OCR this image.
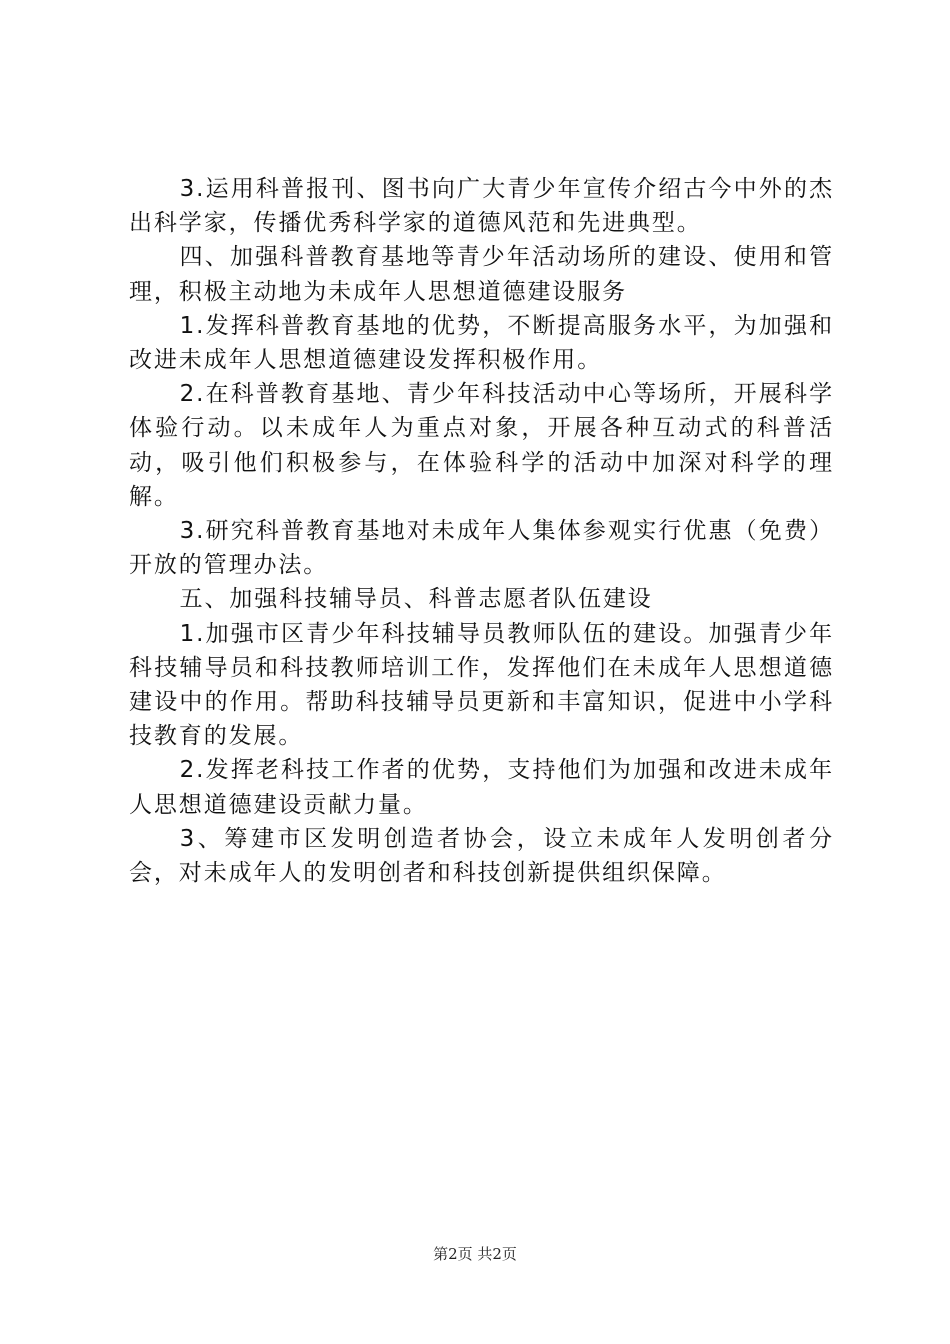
3.运用科普报刊、图书向广大青少年宣传介绍古今中外的杰出科学家，传播优秀科学家的道德风范和先进典型。

四、加强科普教育基地等青少年活动场所的建设、使用和管理，积极主动地为未成年人思想道德建设服务

1.发挥科普教育基地的优势，不断提高服务水平，为加强和改进未成年人思想道德建设发挥积极作用。

2.在科普教育基地、青少年科技活动中心等场所，开展科学体验行动。以未成年人为重点对象，开展各种互动式的科普活动，吸引他们积极参与，在体验科学的活动中加深对科学的理解。

3.研究科普教育基地对未成年人集体参观实行优惠（免费）开放的管理办法。

五、加强科技辅导员、科普志愿者队伍建设

1.加强市区青少年科技辅导员教师队伍的建设。加强青少年科技辅导员和科技教师培训工作，发挥他们在未成年人思想道德建设中的作用。帮助科技辅导员更新和丰富知识，促进中小学科技教育的发展。

2.发挥老科技工作者的优势，支持他们为加强和改进未成年人思想道德建设贡献力量。

3、筹建市区发明创造者协会，设立未成年人发明创者分会，对未成年人的发明创者和科技创新提供组织保障。

第2页 共2页
